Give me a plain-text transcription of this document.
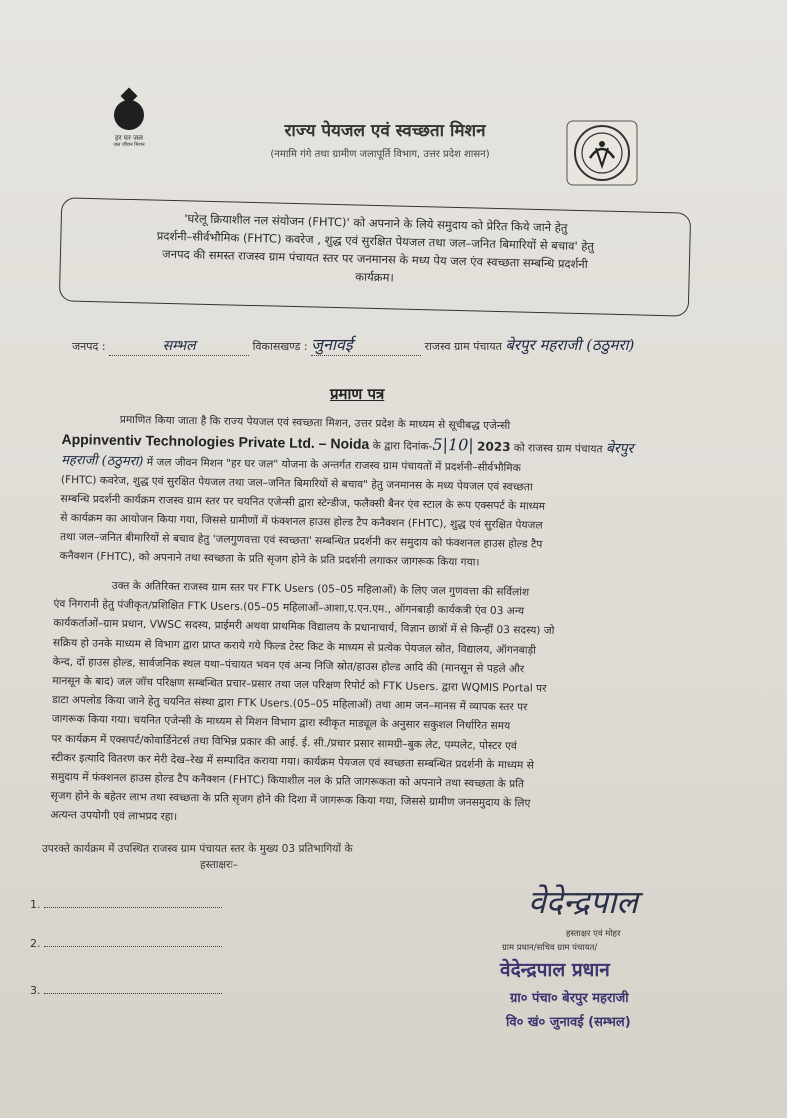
हर घर जल
जल जीवन मिशन
राज्य पेयजल एवं स्वच्छता मिशन
(नमामि गंगे तथा ग्रामीण जलापूर्ति विभाग, उत्तर प्रदेश शासन)
'घरेलू क्रियाशील नल संयोजन (FHTC)' को अपनाने के लिये समुदाय को प्रेरित किये जाने हेतु
प्रदर्शनी–सीर्वभौमिक (FHTC) कवरेज , शुद्ध एवं सुरक्षित पेयजल तथा जल–जनित बिमारियों से बचाव' हेतु
जनपद की समस्त राजस्व ग्राम पंचायत स्तर पर जनमानस के मध्य पेय जल एंव स्वच्छता सम्बन्धि प्रदर्शनी
कार्यक्रम।
जनपद :	सम्भल	विकासखण्ड : जुनावई	राजस्व ग्राम पंचायत बेरपुर महराजी (ठठुमरा)
प्रमाण पत्र
प्रमाणित किया जाता है कि राज्य पेयजल एवं स्वच्छता मिशन, उत्तर प्रदेश के माध्यम से सूचीबद्ध एजेन्सी
Appinventiv Technologies Private Ltd. – Noida के द्वारा दिनांक-5|10| 2023 को राजस्व ग्राम पंचायत बेरपुर
महराजी (ठठुमरा) में जल जीवन मिशन "हर घर जल" योजना के अन्तर्गत राजस्व ग्राम पंचायतों में प्रदर्शनी–सीर्वभौमिक
(FHTC) कवरेज, शुद्ध एवं सुरक्षित पेयजल तथा जल–जनित बिमारियों से बचाव" हेतु जनमानस के मध्य पेयजल एवं स्वच्छता
सम्बन्धि प्रदर्शनी कार्यक्रम राजस्व ग्राम स्तर पर चयनित एजेन्सी द्वारा स्टेन्डीज, फलैक्सी बैनर एंव स्टाल के रूप एक्सपर्ट के माध्यम
से कार्यक्रम का आयोजन किया गया, जिससे ग्रामीणों में फंक्शनल हाउस होल्ड टैप कनैक्शन (FHTC), शुद्ध एवं सुरक्षित पेयजल
तथा जल–जनित बीमारियों से बचाव हेतु 'जलगुणवत्ता एवं स्वच्छता' सम्बन्धित प्रदर्शनी कर समुदाय को फंक्शनल हाउस होल्ड टैप
कनैक्शन (FHTC), को अपनाने तथा स्वच्छता के प्रति सृजग होने के प्रति प्रदर्शनी लगाकर जागरूक किया गया।
उक्त के अतिरिक्त राजस्व ग्राम स्तर पर FTK Users (05–05 महिलाओं) के लिए जल गुणवत्ता की सर्विलांश
एंव निगरानी हेतु पंजीकृत/प्रशिक्षित FTK Users.(05–05 महिलाओं–आशा,ए.एन.एम., ऑगनबाड़ी कार्यकत्री एंव 03 अन्य
कार्यकर्ताओं–ग्राम प्रधान, VWSC सदस्य, प्राईमरी अथवा प्राथमिक विद्यालय के प्रधानाचार्य, विज्ञान छात्रों में से किन्हीं 03 सदस्य) जो
सक्रिय हो उनके माध्यम से विभाग द्वारा प्राप्त कराये गये फिल्ड टेस्ट किट के माध्यम से प्रत्येक पेयजल स्रोत, विद्यालय, ऑगनबाड़ी
केन्द, दों हाउस होल्ड, सार्वजनिक स्थल यथा–पंचायत भवन एवं अन्य निजि स्रोत/हाउस होल्ड आदि की (मानसून से पहले और
मानसून के बाद) जल जॉच परिक्षण सम्बन्धित प्रचार–प्रसार तथा जल परिक्षण रिपोर्ट को FTK Users. द्वारा WQMIS Portal पर
डाटा अपलोड किया जाने हेतु चयनित संस्था द्वारा FTK Users.(05–05 महिलाओं) तथा आम जन–मानस में व्यापक स्तर पर
जागरूक किया गया। चयनित एजेन्सी के माध्यम से मिशन विभाग द्वारा स्वीकृत माड्यूल के अनुसार सकुशल निर्धारित समय
पर कार्यक्रम में एक्सपर्ट/कोवार्डिनेटर्स तथा विभिन्न प्रकार की आई. ई. सी./प्रचार प्रसार सामग्री–बुक लेट, पम्पलेट, पोस्टर एवं
स्टीकर इत्यादि वितरण कर मेरी देख–रेख में सम्पादित कराया गया। कार्यक्रम पेयजल एवं स्वच्छता सम्बन्धित प्रदर्शनी के माध्यम से
समुदाय में फंक्शनल हाउस होल्ड टैप कनैक्शन (FHTC) कियाशील नल के प्रति जागरूकता को अपनाने तथा स्वच्छता के प्रति
सृजग होने के बहेतर लाभ तथा स्वच्छता के प्रति सृजग होने की दिशा में जागरूक किया गया, जिससे ग्रामीण जनसमुदाय के लिए
अत्यन्त उपयोगी एवं लाभप्रद रहा।
उपरक्ते कार्यक्रम में उपस्थित राजस्व ग्राम पंचायत स्तर के मुख्य 03 प्रतिभागियों के
हस्ताक्षरः–
1.
2.
3.
वेदेन्द्रपाल
हस्ताक्षर एवं मोहर
ग्राम प्रधान/सचिव ग्राम पंचायत/
वेदेन्द्रपाल प्रधान
ग्रा० पंचा० बेरपुर महराजी
वि० खं० जुनावई (सम्भल)
